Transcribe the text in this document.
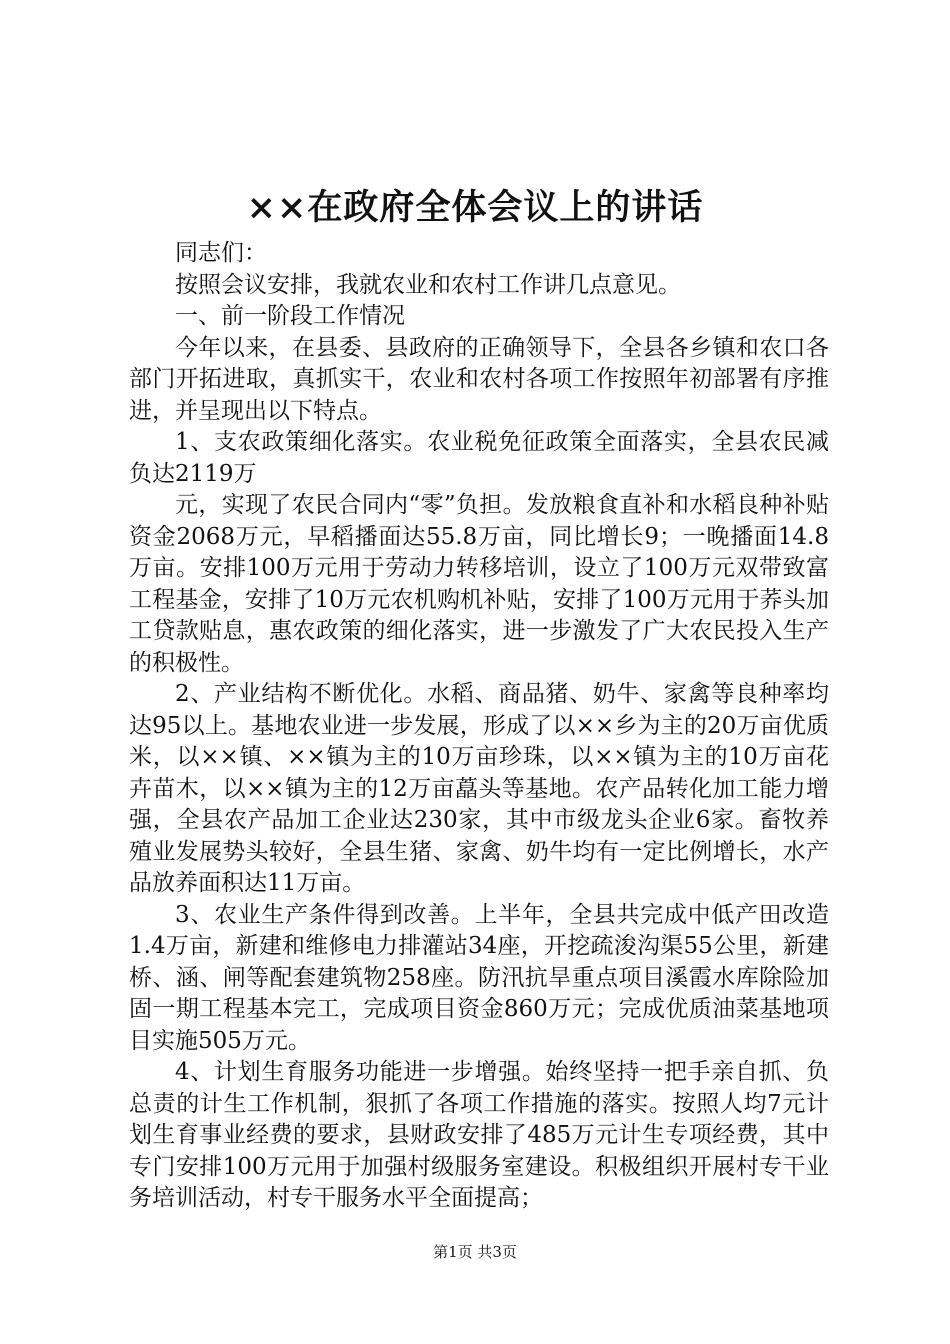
××在政府全体会议上的讲话

同志们：

按照会议安排，我就农业和农村工作讲几点意见。

一、前一阶段工作情况

今年以来，在县委、县政府的正确领导下，全县各乡镇和农口各部门开拓进取，真抓实干，农业和农村各项工作按照年初部署有序推进，并呈现出以下特点。

1、支农政策细化落实。农业税免征政策全面落实，全县农民减负达2119万

元，实现了农民合同内“零”负担。发放粮食直补和水稻良种补贴资金2068万元，早稻播面达55.8万亩，同比增长9；一晚播面14.8万亩。安排100万元用于劳动力转移培训，设立了100万元双带致富工程基金，安排了10万元农机购机补贴，安排了100万元用于荞头加工贷款贴息，惠农政策的细化落实，进一步激发了广大农民投入生产的积极性。

2、产业结构不断优化。水稻、商品猪、奶牛、家禽等良种率均达95以上。基地农业进一步发展，形成了以××乡为主的20万亩优质米，以××镇、××镇为主的10万亩珍珠，以××镇为主的10万亩花卉苗木，以××镇为主的12万亩藠头等基地。农产品转化加工能力增强，全县农产品加工企业达230家，其中市级龙头企业6家。畜牧养殖业发展势头较好，全县生猪、家禽、奶牛均有一定比例增长，水产品放养面积达11万亩。

3、农业生产条件得到改善。上半年，全县共完成中低产田改造1.4万亩，新建和维修电力排灌站34座，开挖疏浚沟渠55公里，新建桥、涵、闸等配套建筑物258座。防汛抗旱重点项目溪霞水库除险加固一期工程基本完工，完成项目资金860万元；完成优质油菜基地项目实施505万元。

4、计划生育服务功能进一步增强。始终坚持一把手亲自抓、负总责的计生工作机制，狠抓了各项工作措施的落实。按照人均7元计划生育事业经费的要求，县财政安排了485万元计生专项经费，其中专门安排100万元用于加强村级服务室建设。积极组织开展村专干业务培训活动，村专干服务水平全面提高；

第1页 共3页
